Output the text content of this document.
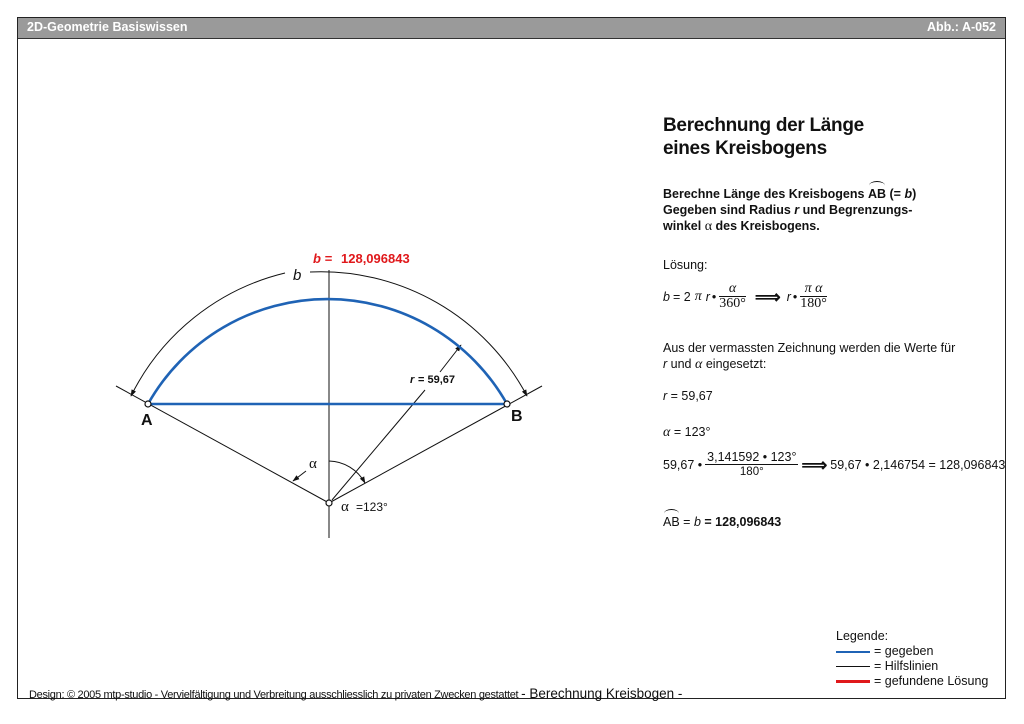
2D-Geometrie Basiswissen	Abb.: A-052
b = 128,096843
b
A	B
r = 59,67
α
α =123°
Berechnung der Länge
eines Kreisbogens
Berechne Länge des Kreisbogens AB (= b)
Gegeben sind Radius r und Begrenzungs-
winkel α des Kreisbogens.
Lösung:
b = 2 π r • $\frac{\alpha}{360^\circ}$ ⟹ r • $\frac{\text{π α}}{180^\circ}$
Aus der vermassten Zeichnung werden die Werte für
r und α eingesetzt:
r = 59,67
α = 123°
59,67 • $\frac{3,141592 • 123^\circ}{180^\circ}$ ⟹ 59,67 • 2,146754 = 128,096843
AB = b = 128,096843
Legende:
= gegeben
= Hilfslinien
= gefundene Lösung
Design: © 2005 mtp-studio - Vervielfältigung und Verbreitung ausschliesslich zu privaten Zwecken gestattet - Berechnung Kreisbogen -
